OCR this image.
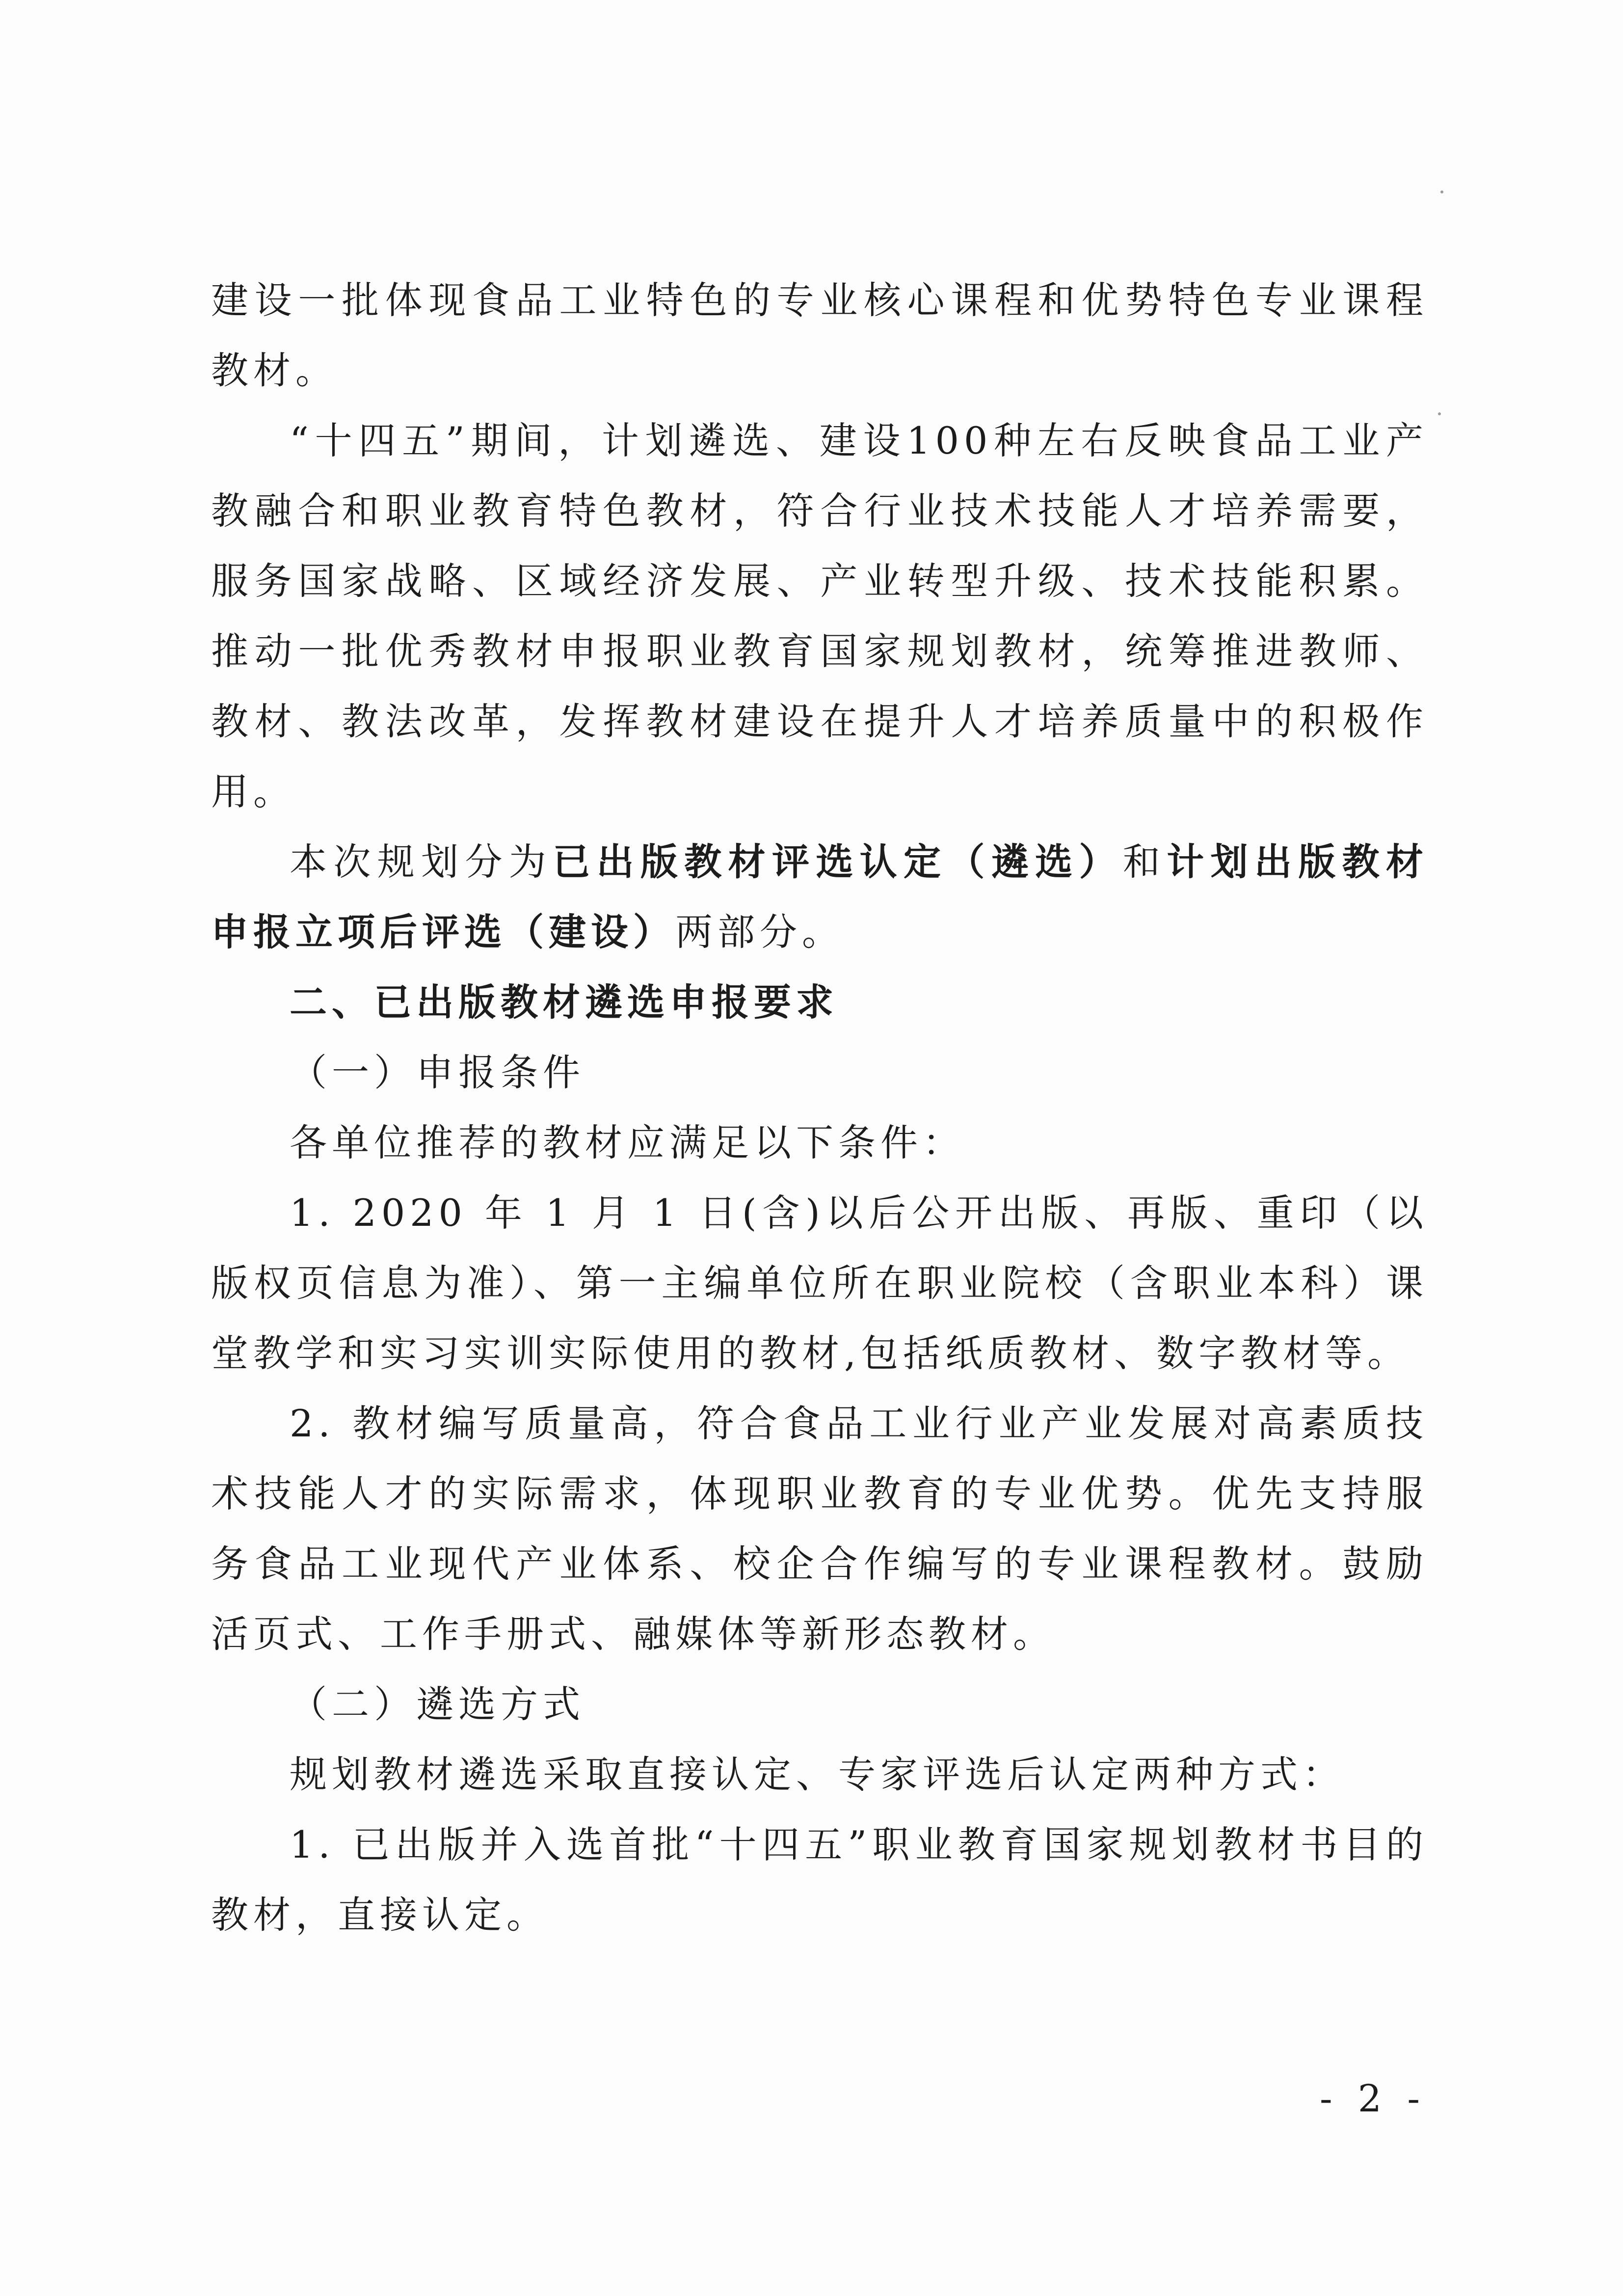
建设一批体现食品工业特色的专业核心课程和优势特色专业课程教材。

“十四五”期间，计划遴选、建设100种左右反映食品工业产教融合和职业教育特色教材，符合行业技术技能人才培养需要，服务国家战略、区域经济发展、产业转型升级、技术技能积累。推动一批优秀教材申报职业教育国家规划教材，统筹推进教师、教材、教法改革，发挥教材建设在提升人才培养质量中的积极作用。

本次规划分为已出版教材评选认定（遴选）和计划出版教材申报立项后评选（建设）两部分。

二、已出版教材遴选申报要求

（一）申报条件

各单位推荐的教材应满足以下条件：

1. 2020 年 1 月 1 日(含)以后公开出版、再版、重印（以版权页信息为准）、第一主编单位所在职业院校（含职业本科）课堂教学和实习实训实际使用的教材,包括纸质教材、数字教材等。

2. 教材编写质量高，符合食品工业行业产业发展对高素质技术技能人才的实际需求，体现职业教育的专业优势。优先支持服务食品工业现代产业体系、校企合作编写的专业课程教材。鼓励活页式、工作手册式、融媒体等新形态教材。

（二）遴选方式

规划教材遴选采取直接认定、专家评选后认定两种方式：

1. 已出版并入选首批“十四五”职业教育国家规划教材书目的教材，直接认定。

- 2 -
